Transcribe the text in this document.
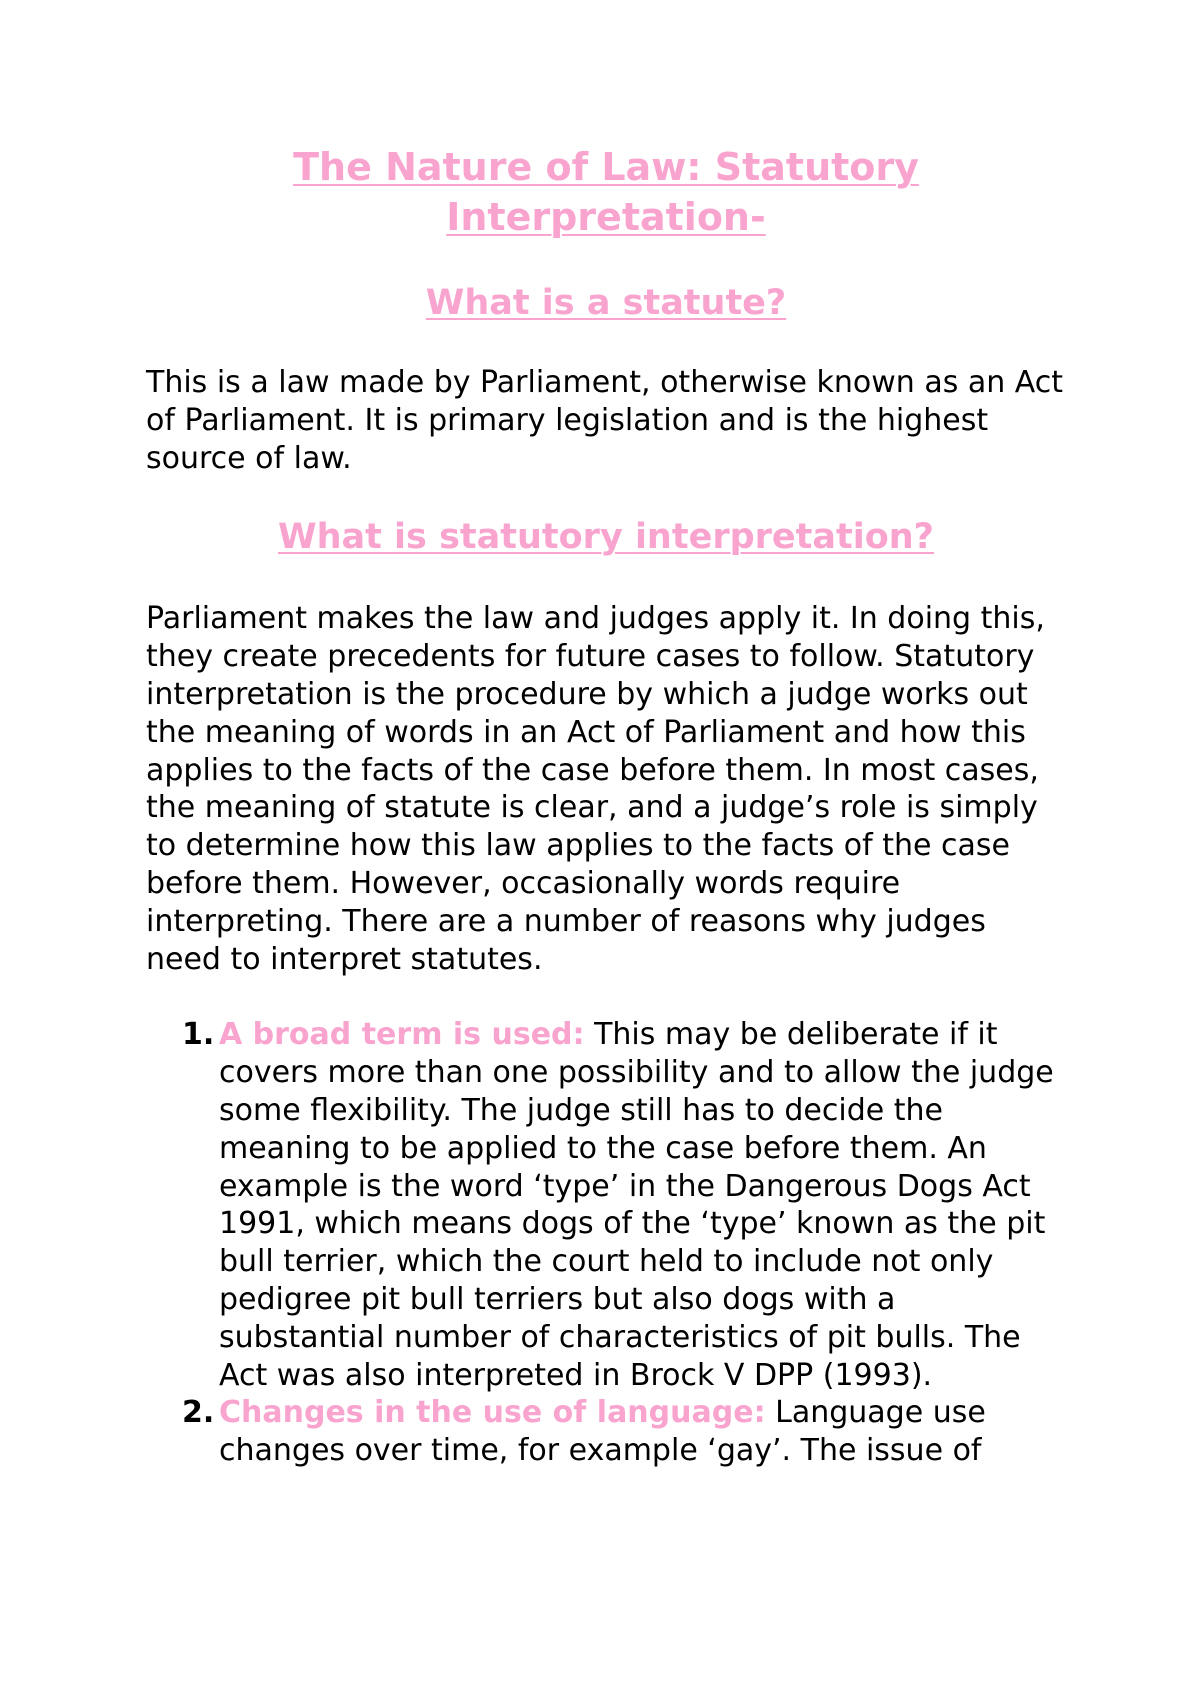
The Nature of Law: Statutory Interpretation-
What is a statute?

This is a law made by Parliament, otherwise known as an Act of Parliament. It is primary legislation and is the highest source of law.

What is statutory interpretation?

Parliament makes the law and judges apply it. In doing this, they create precedents for future cases to follow. Statutory interpretation is the procedure by which a judge works out the meaning of words in an Act of Parliament and how this applies to the facts of the case before them. In most cases, the meaning of statute is clear, and a judge’s role is simply to determine how this law applies to the facts of the case before them. However, occasionally words require interpreting. There are a number of reasons why judges need to interpret statutes.

1. A broad term is used: This may be deliberate if it covers more than one possibility and to allow the judge some flexibility. The judge still has to decide the meaning to be applied to the case before them. An example is the word ‘type’ in the Dangerous Dogs Act 1991, which means dogs of the ‘type’ known as the pit bull terrier, which the court held to include not only pedigree pit bull terriers but also dogs with a substantial number of characteristics of pit bulls. The Act was also interpreted in Brock V DPP (1993).
2. Changes in the use of language: Language use changes over time, for example ‘gay’. The issue of
